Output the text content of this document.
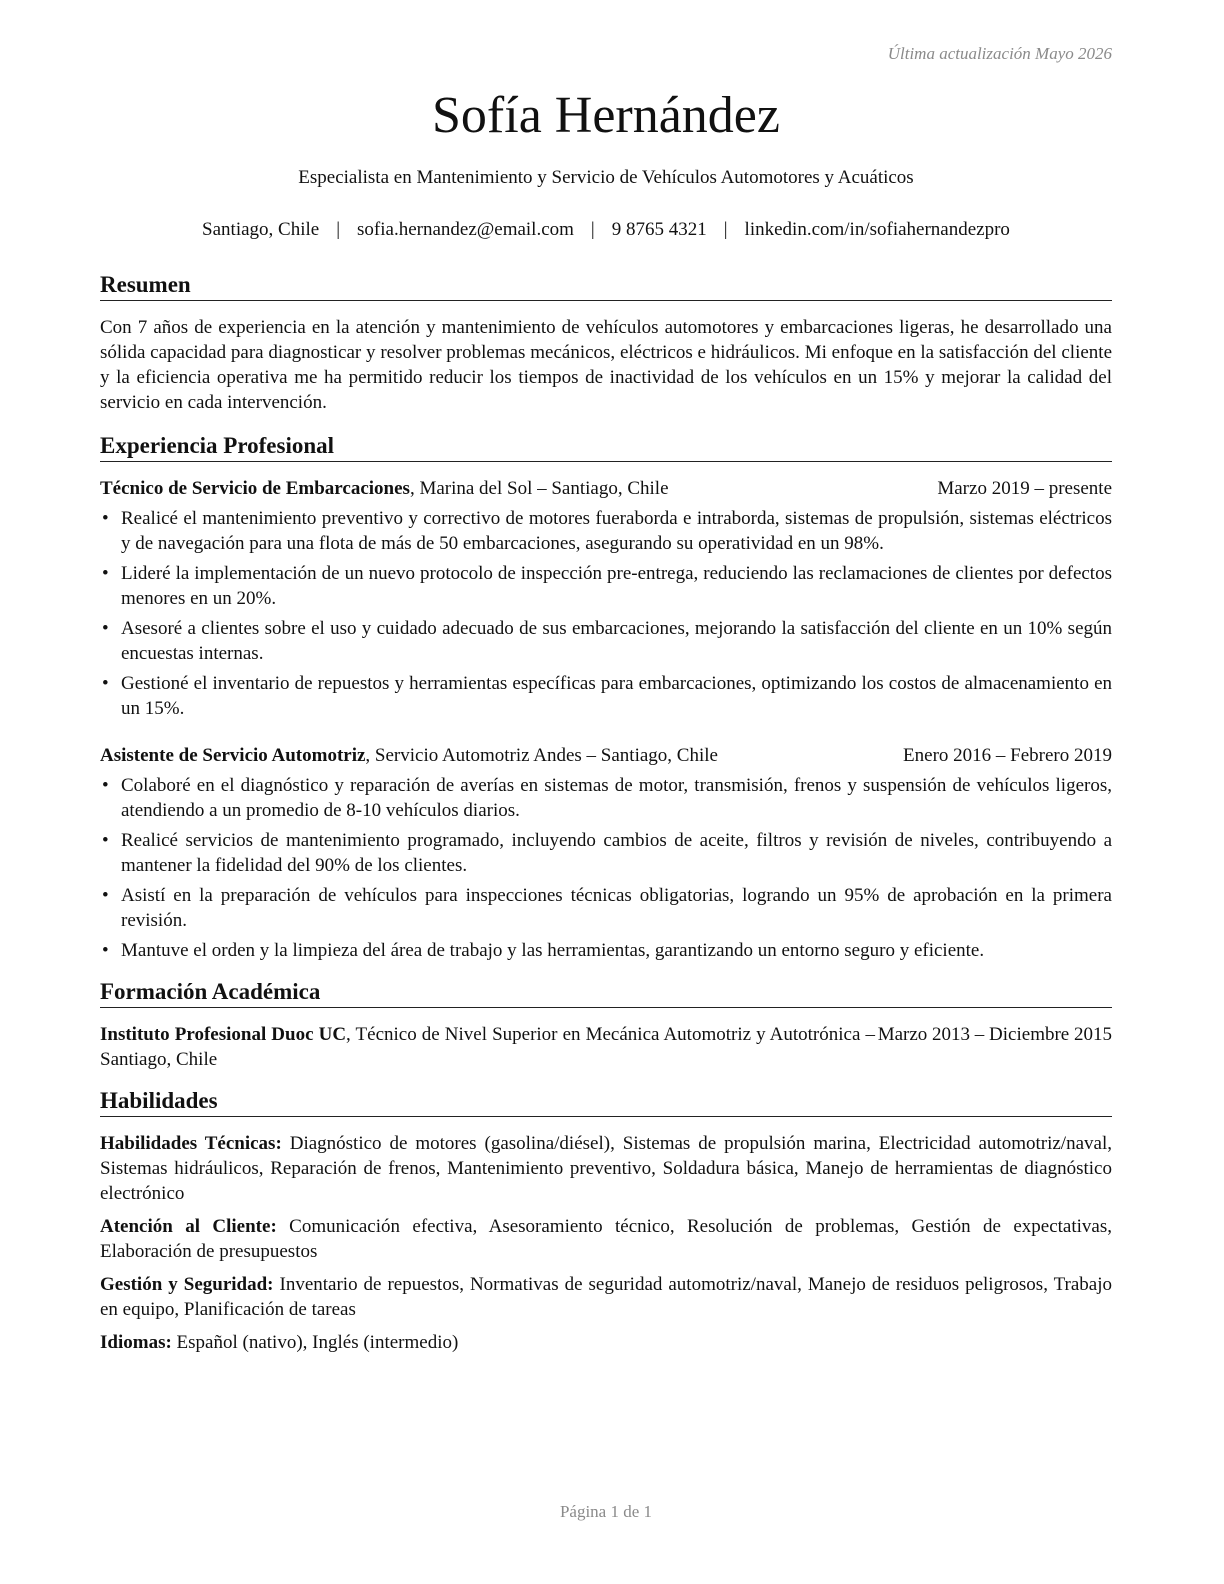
Última actualización Mayo 2026
Sofía Hernández
Especialista en Mantenimiento y Servicio de Vehículos Automotores y Acuáticos
Santiago, Chile | sofia.hernandez@email.com | 9 8765 4321 | linkedin.com/in/sofiahernandezpro
Resumen

Con 7 años de experiencia en la atención y mantenimiento de vehículos automotores y embarcaciones ligeras, he desarrollado una sólida capacidad para diagnosticar y resolver problemas mecánicos, eléctricos e hidráulicos. Mi enfoque en la satisfacción del cliente y la eficiencia operativa me ha permitido reducir los tiempos de inactividad de los vehículos en un 15% y mejorar la calidad del servicio en cada intervención.

Experiencia Profesional
Técnico de Servicio de Embarcaciones, Marina del Sol – Santiago, Chile	Marzo 2019 – presente
• Realicé el mantenimiento preventivo y correctivo de motores fueraborda e intraborda, sistemas de propulsión, sistemas eléctricos y de navegación para una flota de más de 50 embarcaciones, asegurando su operatividad en un 98%.
• Lideré la implementación de un nuevo protocolo de inspección pre-entrega, reduciendo las reclamaciones de clientes por defectos menores en un 20%.
• Asesoré a clientes sobre el uso y cuidado adecuado de sus embarcaciones, mejorando la satisfacción del cliente en un 10% según encuestas internas.
• Gestioné el inventario de repuestos y herramientas específicas para embarcaciones, optimizando los costos de almacenamiento en un 15%.
Asistente de Servicio Automotriz, Servicio Automotriz Andes – Santiago, Chile	Enero 2016 – Febrero 2019
• Colaboré en el diagnóstico y reparación de averías en sistemas de motor, transmisión, frenos y suspensión de vehículos ligeros, atendiendo a un promedio de 8-10 vehículos diarios.
• Realicé servicios de mantenimiento programado, incluyendo cambios de aceite, filtros y revisión de niveles, contribuyendo a mantener la fidelidad del 90% de los clientes.
• Asistí en la preparación de vehículos para inspecciones técnicas obligatorias, logrando un 95% de aprobación en la primera revisión.
• Mantuve el orden y la limpieza del área de trabajo y las herramientas, garantizando un entorno seguro y eficiente.
Formación Académica
Instituto Profesional Duoc UC, Técnico de Nivel Superior en Mecánica Automotriz y Autotrónica – Santiago, Chile
Marzo 2013 – Diciembre 2015
Habilidades

Habilidades Técnicas: Diagnóstico de motores (gasolina/diésel), Sistemas de propulsión marina, Electricidad automotriz/naval, Sistemas hidráulicos, Reparación de frenos, Mantenimiento preventivo, Soldadura básica, Manejo de herramientas de diagnóstico electrónico

Atención al Cliente: Comunicación efectiva, Asesoramiento técnico, Resolución de problemas, Gestión de expectativas, Elaboración de presupuestos

Gestión y Seguridad: Inventario de repuestos, Normativas de seguridad automotriz/naval, Manejo de residuos peligrosos, Trabajo en equipo, Planificación de tareas

Idiomas: Español (nativo), Inglés (intermedio)

Página 1 de 1
